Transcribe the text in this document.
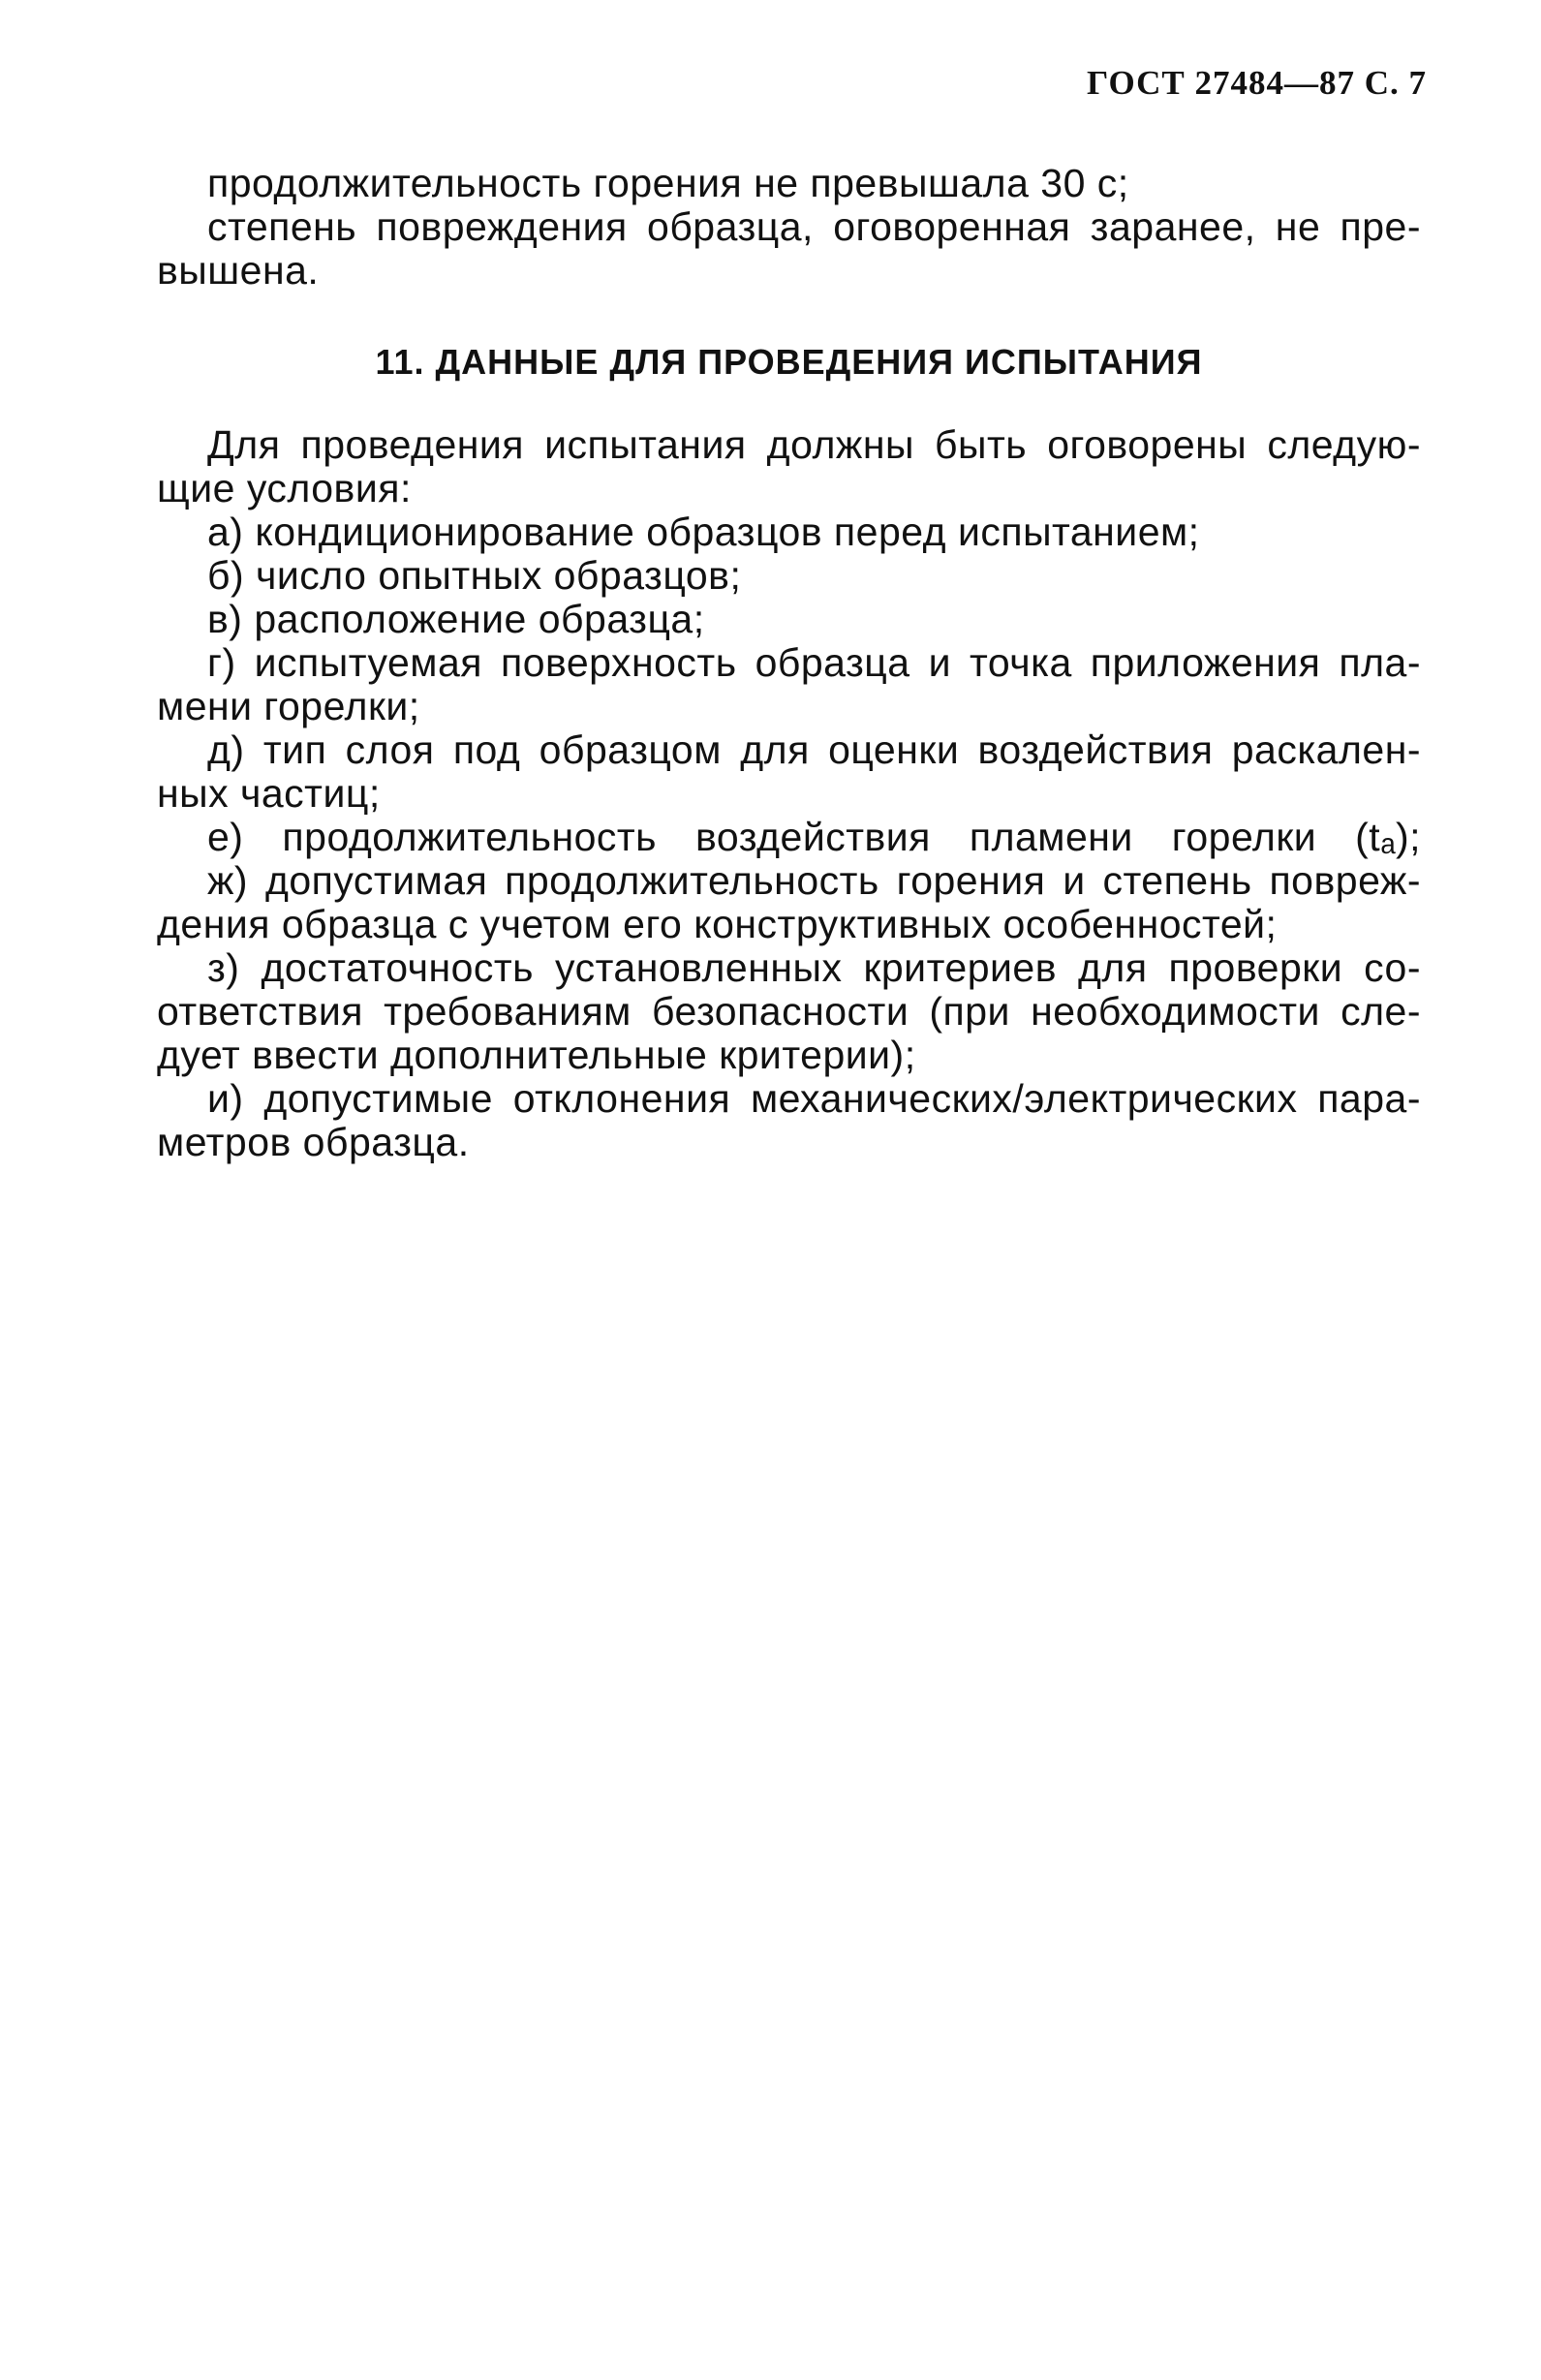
ГОСТ 27484—87 С. 7
продолжительность горения не превышала 30 с;
степень повреждения образца, оговоренная заранее, не пре-
вышена.
11. ДАННЫЕ ДЛЯ ПРОВЕДЕНИЯ ИСПЫТАНИЯ
Для проведения испытания должны быть оговорены следую-
щие условия:
а) кондиционирование образцов перед испытанием;
б) число опытных образцов;
в) расположение образца;
г) испытуемая поверхность образца и точка приложения пла-
мени горелки;
д) тип слоя под образцом для оценки воздействия раскален-
ных частиц;
е) продолжительность воздействия пламени горелки (tₐ);
ж) допустимая продолжительность горения и степень повреж-
дения образца с учетом его конструктивных особенностей;
з) достаточность установленных критериев для проверки со-
ответствия требованиям безопасности (при необходимости сле-
дует ввести дополнительные критерии);
и) допустимые отклонения механических/электрических пара-
метров образца.
